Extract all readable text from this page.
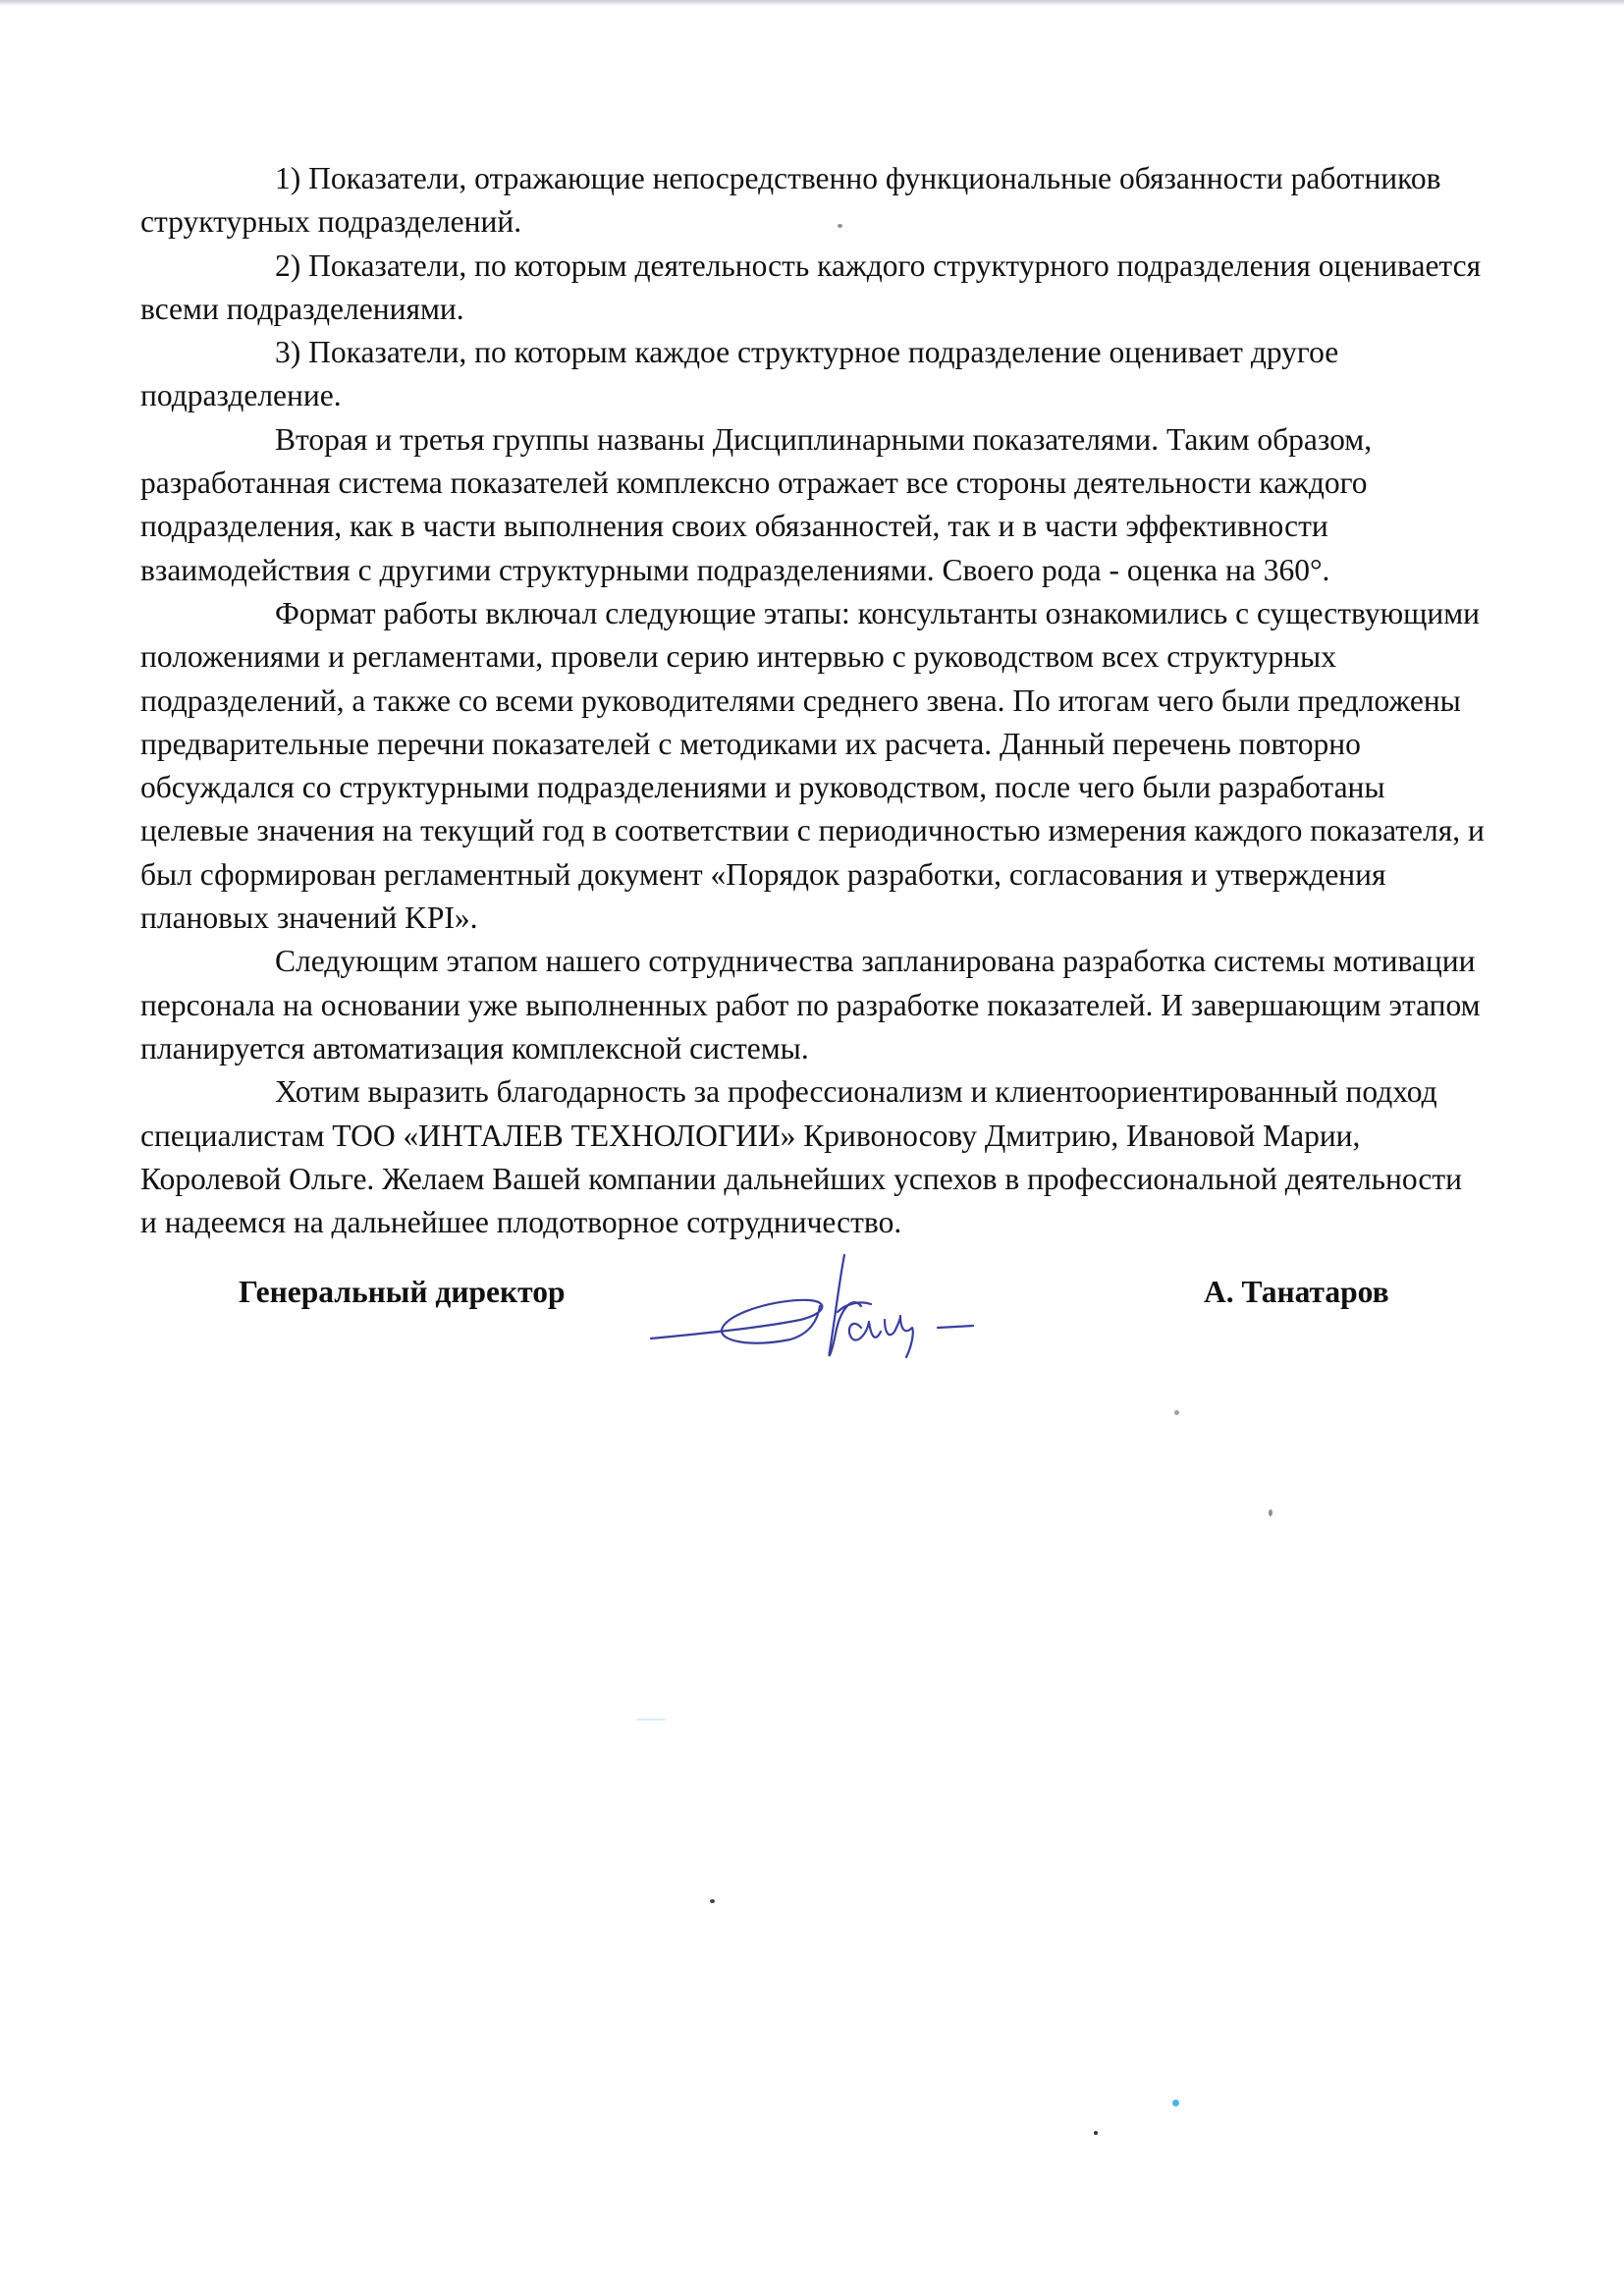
1) Показатели, отражающие непосредственно функциональные обязанности работников структурных подразделений.

2) Показатели, по которым деятельность каждого структурного подразделения оценивается всеми подразделениями.

3) Показатели, по которым каждое структурное подразделение оценивает другое подразделение.

Вторая и третья группы названы Дисциплинарными показателями. Таким образом, разработанная система показателей комплексно отражает все стороны деятельности каждого подразделения, как в части выполнения своих обязанностей, так и в части эффективности взаимодействия с другими структурными подразделениями. Своего рода - оценка на 360°.

Формат работы включал следующие этапы: консультанты ознакомились с существующими положениями и регламентами, провели серию интервью с руководством всех структурных подразделений, а также со всеми руководителями среднего звена. По итогам чего были предложены предварительные перечни показателей с методиками их расчета. Данный перечень повторно обсуждался со структурными подразделениями и руководством, после чего были разработаны целевые значения на текущий год в соответствии с периодичностью измерения каждого показателя, и был сформирован регламентный документ «Порядок разработки, согласования и утверждения плановых значений KPI».

Следующим этапом нашего сотрудничества запланирована разработка системы мотивации персонала на основании уже выполненных работ по разработке показателей. И завершающим этапом планируется автоматизация комплексной системы.

Хотим выразить благодарность за профессионализм и клиентоориентированный подход специалистам ТОО «ИНТАЛЕВ ТЕХНОЛОГИИ» Кривоносову Дмитрию, Ивановой Марии, Королевой Ольге. Желаем Вашей компании дальнейших успехов в профессиональной деятельности и надеемся на дальнейшее плодотворное сотрудничество.

Генеральный директор	А. Танатаров
